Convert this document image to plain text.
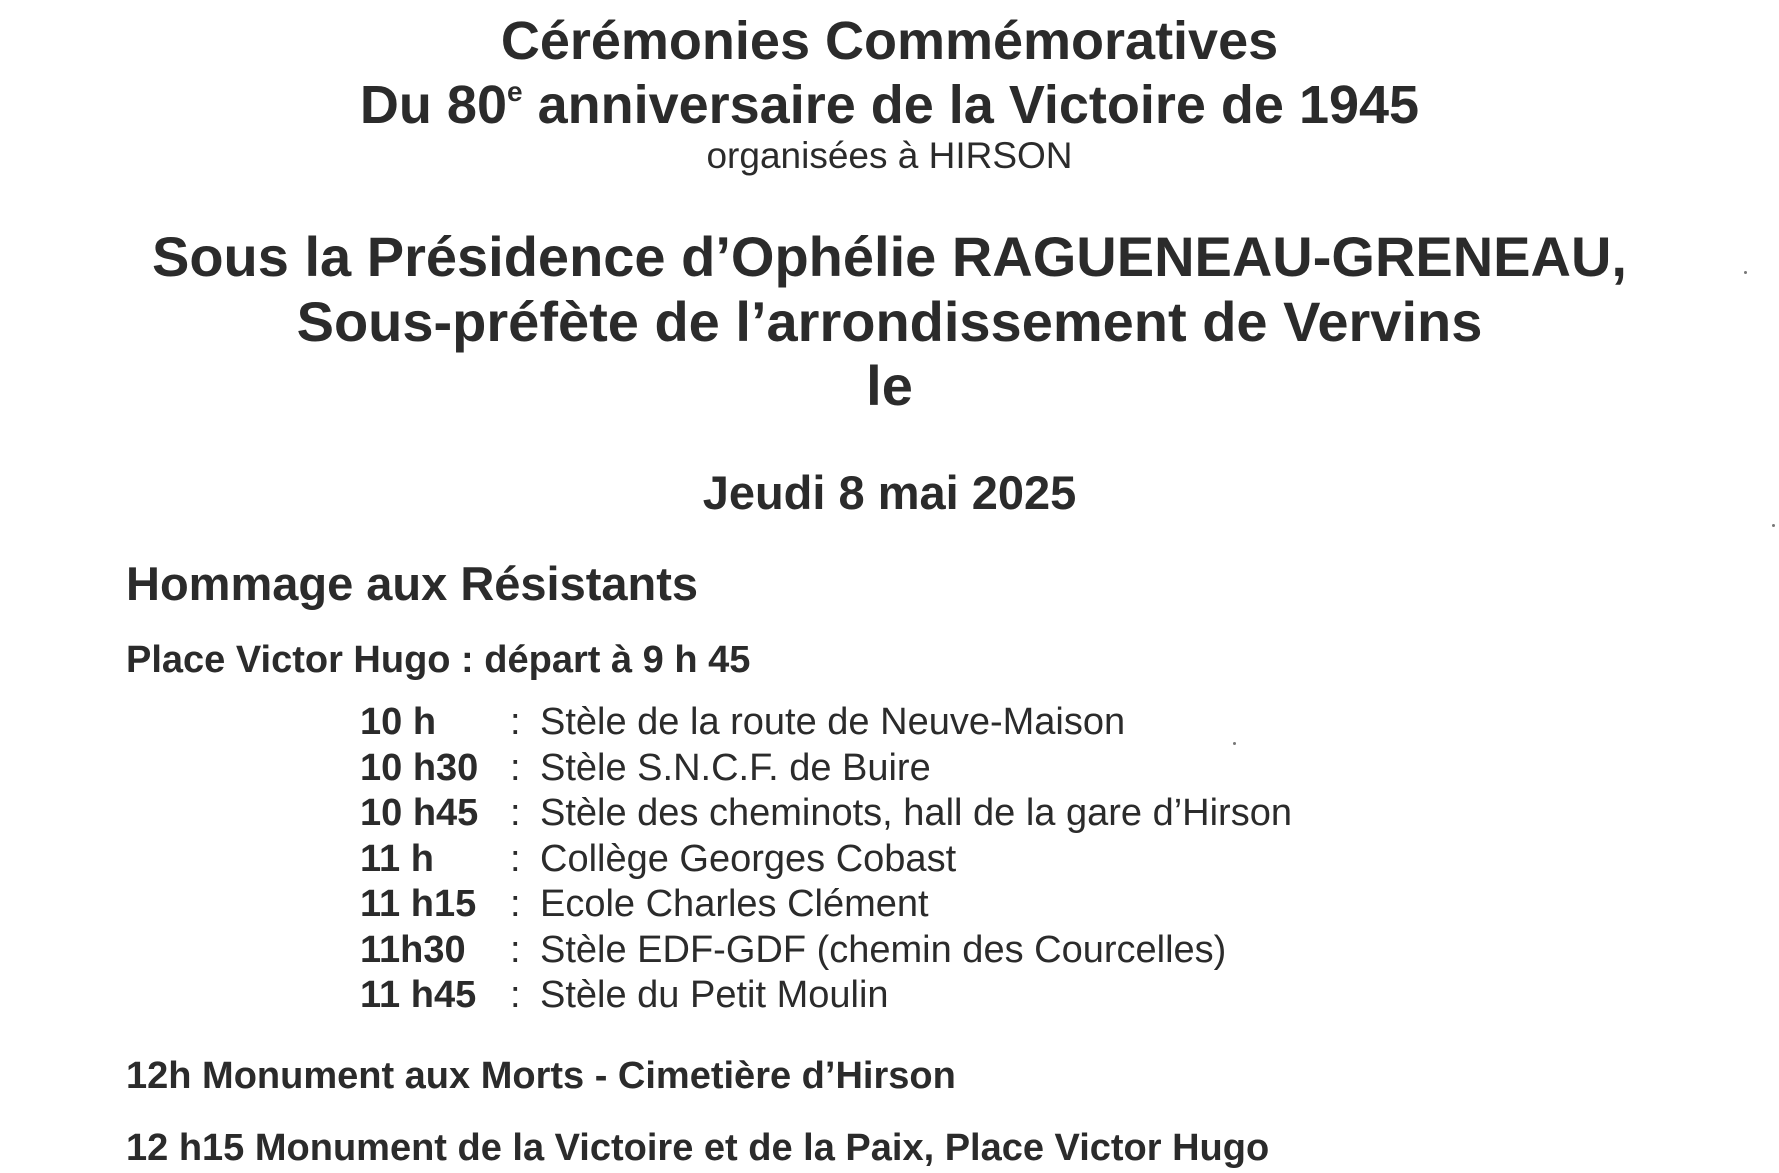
Cérémonies Commémoratives
Du 80e anniversaire de la Victoire de 1945
organisées à HIRSON
Sous la Présidence d’Ophélie RAGUENEAU-GRENEAU,
Sous-préfète de l’arrondissement de Vervins
le
Jeudi 8 mai 2025
Hommage aux Résistants
Place Victor Hugo : départ à 9 h 45
10 h	: Stèle de la route de Neuve-Maison
10 h30 : Stèle S.N.C.F. de Buire
10 h45 : Stèle des cheminots, hall de la gare d’Hirson
11 h	: Collège Georges Cobast
11 h15 : Ecole Charles Clément
11h30	: Stèle EDF-GDF (chemin des Courcelles)
11 h45 : Stèle du Petit Moulin
12h Monument aux Morts - Cimetière d’Hirson
12 h15 Monument de la Victoire et de la Paix, Place Victor Hugo
